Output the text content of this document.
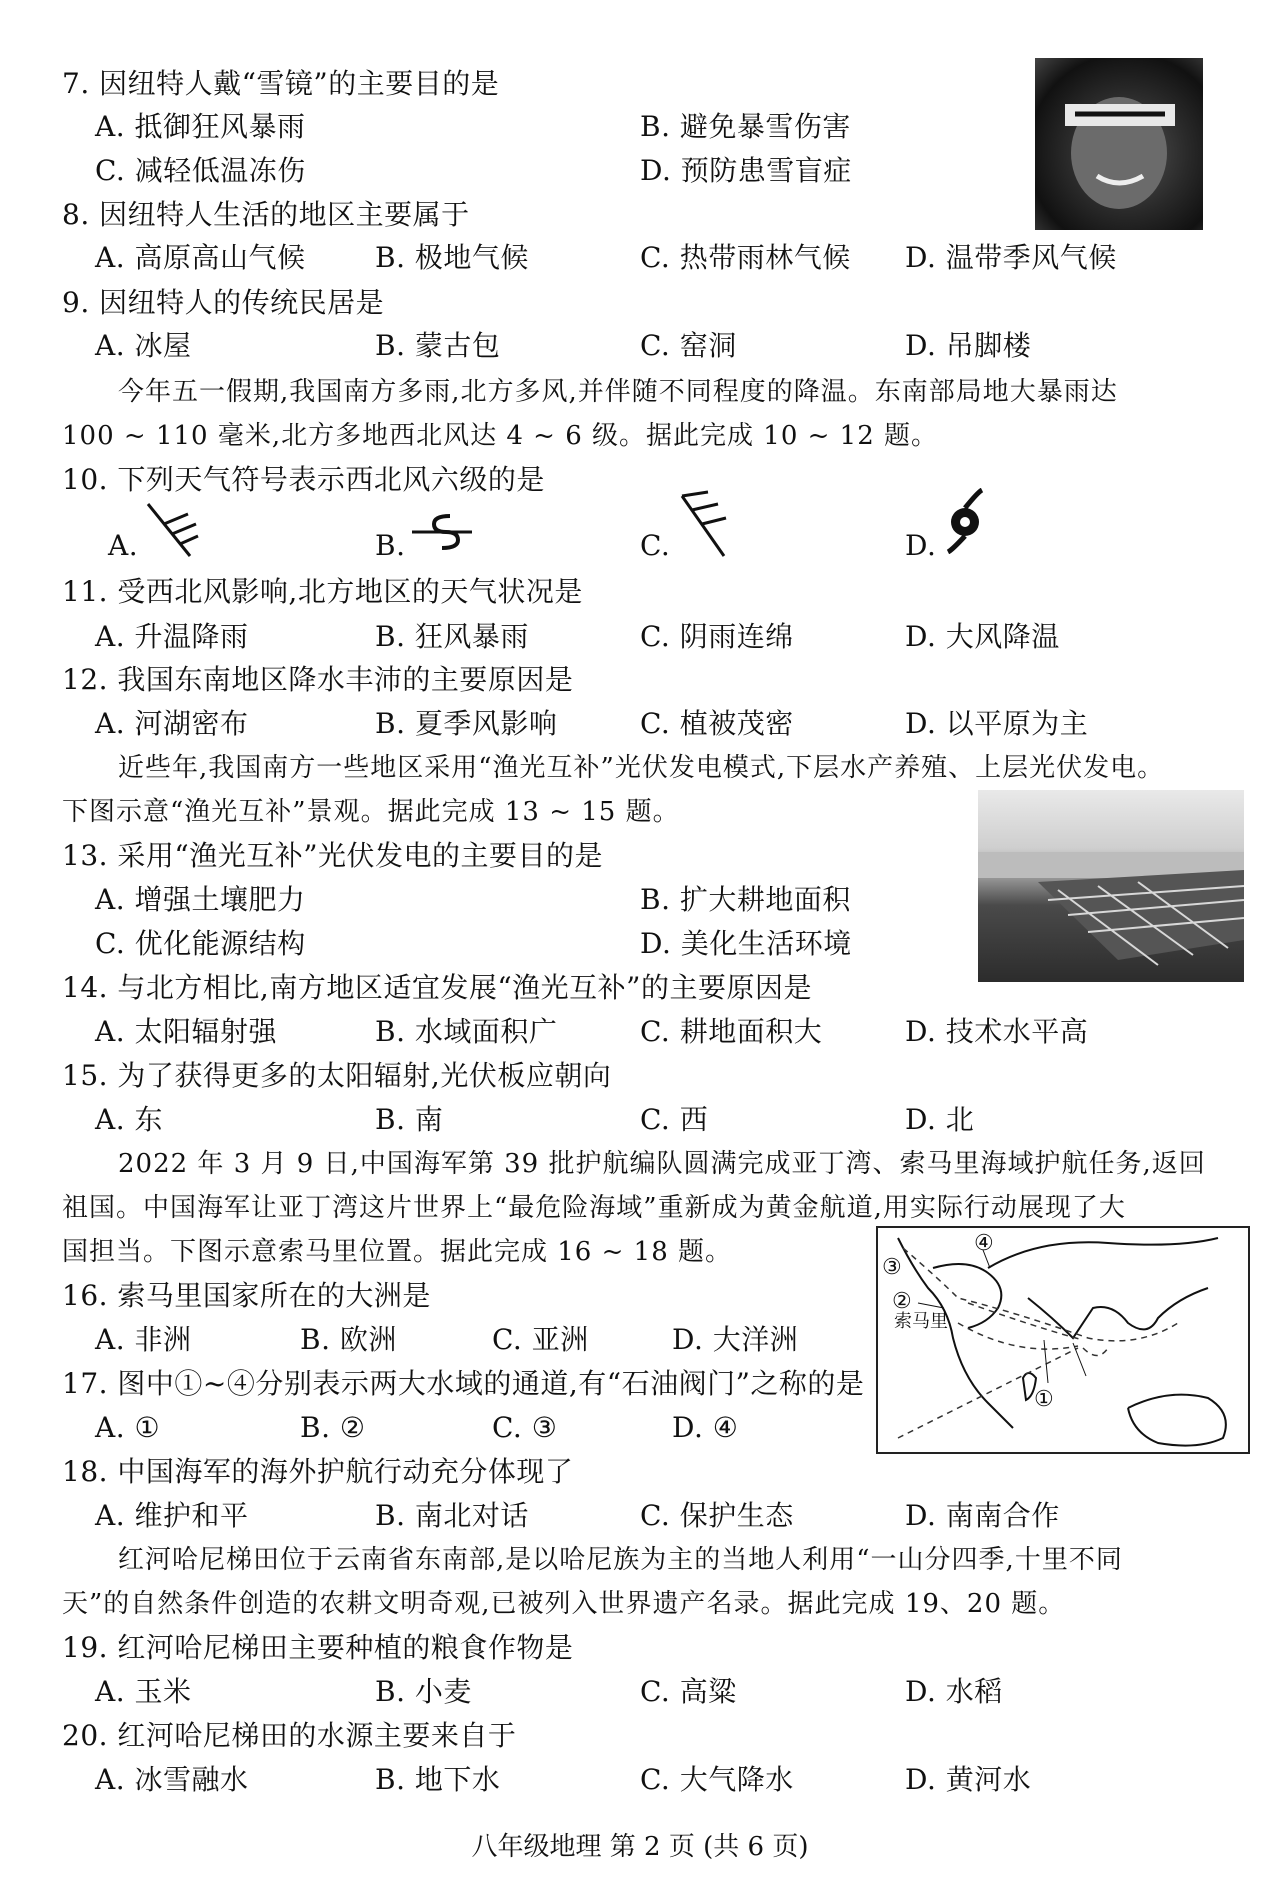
7. 因纽特人戴“雪镜”的主要目的是
A. 抵御狂风暴雨	B. 避免暴雪伤害
C. 减轻低温冻伤	D. 预防患雪盲症
8. 因纽特人生活的地区主要属于
A. 高原高山气候 B. 极地气候	C. 热带雨林气候 D. 温带季风气候
9. 因纽特人的传统民居是
A. 冰屋	B. 蒙古包	C. 窑洞	D. 吊脚楼
今年五一假期,我国南方多雨,北方多风,并伴随不同程度的降温。东南部局地大暴雨达
100 ~ 110 毫米,北方多地西北风达 4 ~ 6 级。据此完成 10 ~ 12 题。
10. 下列天气符号表示西北风六级的是
A.	B.	C.	D.
11. 受西北风影响,北方地区的天气状况是
A. 升温降雨	B. 狂风暴雨	C. 阴雨连绵	D. 大风降温
12. 我国东南地区降水丰沛的主要原因是
A. 河湖密布	B. 夏季风影响	C. 植被茂密	D. 以平原为主
近些年,我国南方一些地区采用“渔光互补”光伏发电模式,下层水产养殖、上层光伏发电。
下图示意“渔光互补”景观。据此完成 13 ~ 15 题。
13. 采用“渔光互补”光伏发电的主要目的是
A. 增强土壤肥力	B. 扩大耕地面积
C. 优化能源结构	D. 美化生活环境
14. 与北方相比,南方地区适宜发展“渔光互补”的主要原因是
A. 太阳辐射强	B. 水域面积广	C. 耕地面积大	D. 技术水平高
15. 为了获得更多的太阳辐射,光伏板应朝向
A. 东	B. 南	C. 西	D. 北
2022 年 3 月 9 日,中国海军第 39 批护航编队圆满完成亚丁湾、索马里海域护航任务,返回
祖国。中国海军让亚丁湾这片世界上“最危险海域”重新成为黄金航道,用实际行动展现了大
国担当。下图示意索马里位置。据此完成 16 ~ 18 题。	④
③
②
索马里
①
16. 索马里国家所在的大洲是
A. 非洲	B. 欧洲	C. 亚洲	D. 大洋洲
17. 图中①~④分别表示两大水域的通道,有“石油阀门”之称的是
A. ①	B. ②	C. ③	D. ④
18. 中国海军的海外护航行动充分体现了
A. 维护和平	B. 南北对话	C. 保护生态	D. 南南合作
红河哈尼梯田位于云南省东南部,是以哈尼族为主的当地人利用“一山分四季,十里不同
天”的自然条件创造的农耕文明奇观,已被列入世界遗产名录。据此完成 19、20 题。
19. 红河哈尼梯田主要种植的粮食作物是
A. 玉米	B. 小麦	C. 高粱	D. 水稻
20. 红河哈尼梯田的水源主要来自于
A. 冰雪融水	B. 地下水	C. 大气降水	D. 黄河水
八年级地理 第 2 页 (共 6 页)
